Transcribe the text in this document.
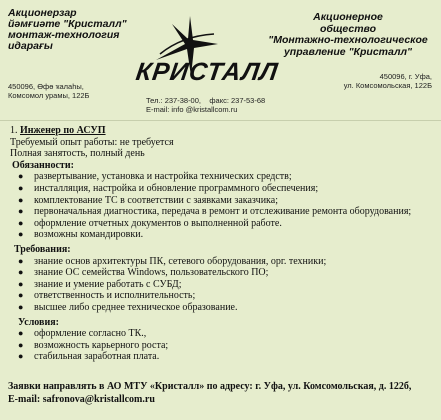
Акционерзар
йәмғиәте "Кристалл"
монтаж-технология
идарағы
450096, Өфө ҡалаһы,
Комсомол урамы, 122Б
КРИСТАЛЛ
Акционерное
общество
"Монтажно-технологическое
управление "Кристалл"
450096, г. Уфа,
ул. Комсомольская, 122Б
Тел.: 237-38-00, факс: 237-53-68
E-mail: info @kristallcom.ru
1. Инженер по АСУП
Требуемый опыт работы: не требуется
Полная занятость, полный день
Обязанности:
● развертывание, установка и настройка технических средств;
● инсталляция, настройка и обновление программного обеспечения;
● комплектование ТС в соответствии с заявками заказчика;
● первоначальная диагностика, передача в ремонт и отслеживание ремонта оборудования;
● оформление отчетных документов о выполненной работе.
● возможны командировки.
Требования:
● знание основ архитектуры ПК, сетевого оборудования, орг. техники;
● знание ОС семейства Windows, пользовательского ПО;
● знание и умение работать с СУБД;
● ответственность и исполнительность;
● высшее либо среднее техническое образование.
Условия:
● оформление согласно ТК.,
● возможность карьерного роста;
● стабильная заработная плата.
Заявки направлять в АО МТУ «Кристалл» по адресу: г. Уфа, ул. Комсомольская, д. 122б,
E-mail: safronova@kristallcom.ru
